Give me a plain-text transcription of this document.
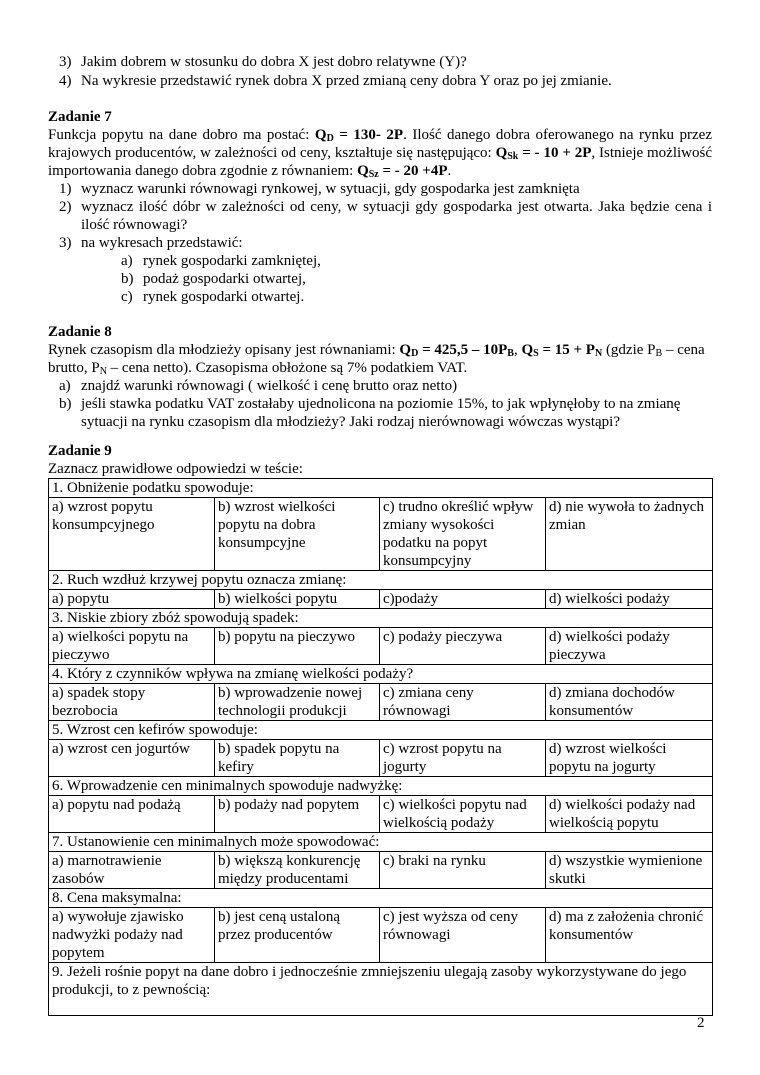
3) Jakim dobrem w stosunku do dobra X jest dobro relatywne (Y)?
4) Na wykresie przedstawić rynek dobra X przed zmianą ceny dobra Y oraz po jej zmianie.
Zadanie 7

Funkcja popytu na dane dobro ma postać: $Q_D = 130-$ 2P. Ilość danego dobra oferowanego na rynku przez krajowych producentów, w zależności od ceny, kształtuje się następująco: $Q_{Sk}$ = - 10 + 2P, Istnieje możliwość importowania danego dobra zgodnie z równaniem: $Q_{Sz}$ = - 20 +4P.

1) wyznacz warunki równowagi rynkowej, w sytuacji, gdy gospodarka jest zamknięta
2) wyznacz ilość dóbr w zależności od ceny, w sytuacji gdy gospodarka jest otwarta. Jaka będzie cena i ilość równowagi?
3) na wykresach przedstawić:
a) rynek gospodarki zamkniętej,
b) podaż gospodarki otwartej,
c) rynek gospodarki otwartej.
Zadanie 8

Rynek czasopism dla młodzieży opisany jest równaniami: $Q_D = 425,5 - 10P_B$, $Q_S = 15 + P_N$ (gdzie $P_B$ – cena brutto, $P_N$ – cena netto). Czasopisma obłożone są 7% podatkiem VAT.

a) znajdź warunki równowagi ( wielkość i cenę brutto oraz netto)
b) jeśli stawka podatku VAT zostałaby ujednolicona na poziomie 15%, to jak wpłynęłoby to na zmianę sytuacji na rynku czasopism dla młodzieży? Jaki rodzaj nierównowagi wówczas wystąpi?
Zadanie 9

Zaznacz prawidłowe odpowiedzi w teście:

1. Obniżenie podatku spowoduje:			
a) wzrost popytu konsumpcyjnego	b) wzrost wielkości popytu na dobra konsumpcyjne	c) trudno określić wpływ zmiany wysokości podatku na popyt konsumpcyjny	d) nie wywoła to żadnych zmian
2. Ruch wzdłuż krzywej popytu oznacza zmianę:			
a) popytu	b) wielkości popytu	c)podaży	d) wielkości podaży
3. Niskie zbiory zbóż spowodują spadek:			
a) wielkości popytu na pieczywo	b) popytu na pieczywo	c) podaży pieczywa	d) wielkości podaży pieczywa
4. Który z czynników wpływa na zmianę wielkości podaży?			
a) spadek stopy bezrobocia	b) wprowadzenie nowej technologii produkcji	c) zmiana ceny równowagi	d) zmiana dochodów konsumentów
5. Wzrost cen kefirów spowoduje:			
a) wzrost cen jogurtów	b) spadek popytu na kefiry	c) wzrost popytu na jogurty	d) wzrost wielkości popytu na jogurty
6. Wprowadzenie cen minimalnych spowoduje nadwyżkę:			
a) popytu nad podażą	b) podaży nad popytem	c) wielkości popytu nad wielkością podaży	d) wielkości podaży nad wielkością popytu
7. Ustanowienie cen minimalnych może spowodować:			
a) marnotrawienie zasobów	b) większą konkurencję między producentami	c) braki na rynku	d) wszystkie wymienione skutki
8. Cena maksymalna:			
a) wywołuje zjawisko nadwyżki podaży nad popytem	b) jest ceną ustaloną przez producentów	c) jest wyższa od ceny równowagi	d) ma z założenia chronić konsumentów
9. Jeżeli rośnie popyt na dane dobro i jednocześnie zmniejszeniu ulegają zasoby wykorzystywane do jego produkcji, to z pewnością:			
2
